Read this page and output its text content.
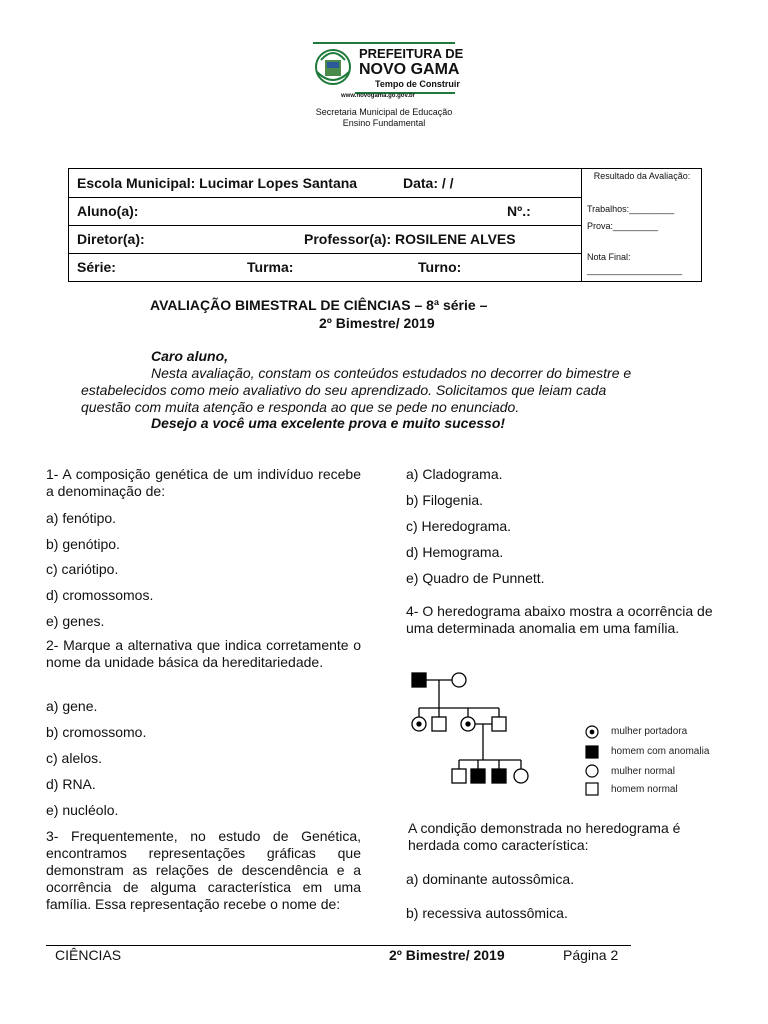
PREFEITURA DE
NOVO GAMA
Tempo de Construir
www.novogama.go.gov.br
Secretaria Municipal de Educação
Ensino Fundamental
Escola Municipal: Lucimar Lopes Santana	Data: / /
Aluno(a):	Nº.:
Diretor(a):	Professor(a): ROSILENE ALVES
Série:	Turma:	Turno:
Resultado da Avaliação:
Trabalhos:_________
Prova:_________
Nota Final:
___________________
AVALIAÇÃO BIMESTRAL DE CIÊNCIAS – 8ª série –
2º Bimestre/ 2019
Caro aluno,
Nesta avaliação, constam os conteúdos estudados no decorrer do bimestre e
estabelecidos como meio avaliativo do seu aprendizado. Solicitamos que leiam cada
questão com muita atenção e responda ao que se pede no enunciado.
Desejo a você uma excelente prova e muito sucesso!
1- A composição genética de um indivíduo recebe a denominação de:
a) fenótipo.
b) genótipo.
c) cariótipo.
d) cromossomos.
e) genes.
2- Marque a alternativa que indica corretamente o nome da unidade básica da hereditariedade.
a) gene.
b) cromossomo.
c) alelos.
d) RNA.
e) nucléolo.
3- Frequentemente, no estudo de Genética, encontramos representações gráficas que demonstram as relações de descendência e a ocorrência de alguma característica em uma família. Essa representação recebe o nome de:
a) Cladograma.
b) Filogenia.
c) Heredograma.
d) Hemograma.
e) Quadro de Punnett.
4- O heredograma abaixo mostra a ocorrência de uma determinada anomalia em uma família.
mulher portadora
homem com anomalia
mulher normal
homem normal
A condição demonstrada no heredograma é herdada como característica:
a) dominante autossômica.
b) recessiva autossômica.
CIÊNCIAS	2º Bimestre/ 2019	Página 2
